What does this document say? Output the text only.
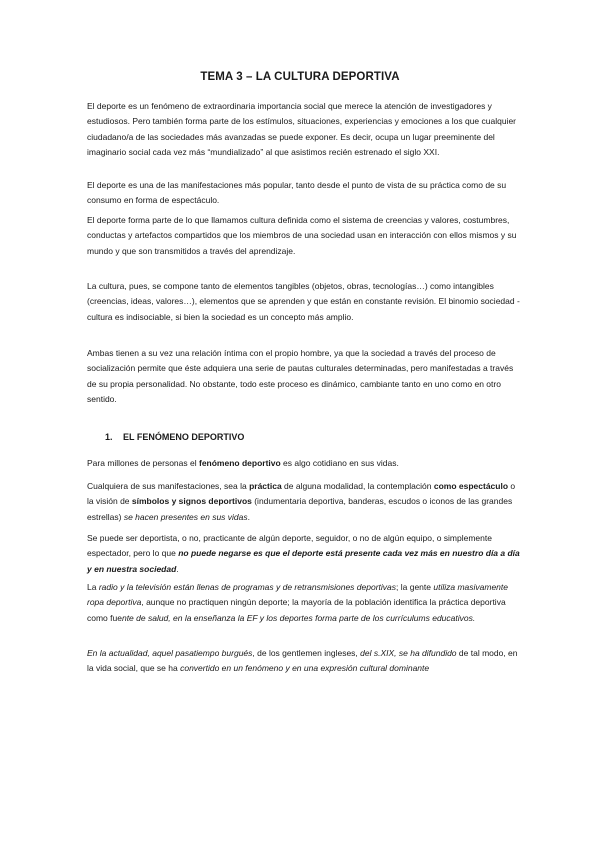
TEMA 3 – LA CULTURA DEPORTIVA

El deporte es un fenómeno de extraordinaria importancia social que merece la atención de investigadores y estudiosos. Pero también forma parte de los estímulos, situaciones, experiencias y emociones a los que cualquier ciudadano/a de las sociedades más avanzadas se puede exponer. Es decir, ocupa un lugar preeminente del imaginario social cada vez más “mundializado” al que asistimos recién estrenado el siglo XXI.

El deporte es una de las manifestaciones más popular, tanto desde el punto de vista de su práctica como de su consumo en forma de espectáculo.

El deporte forma parte de lo que llamamos cultura definida como el sistema de creencias y valores, costumbres, conductas y artefactos compartidos que los miembros de una sociedad usan en interacción con ellos mismos y su mundo y que son transmitidos a través del aprendizaje.

La cultura, pues, se compone tanto de elementos tangibles (objetos, obras, tecnologías…) como intangibles (creencias, ideas, valores…), elementos que se aprenden y que están en constante revisión. El binomio sociedad - cultura es indisociable, si bien la sociedad es un concepto más amplio.

Ambas tienen a su vez una relación íntima con el propio hombre, ya que la sociedad a través del proceso de socialización permite que éste adquiera una serie de pautas culturales determinadas, pero manifestadas a través de su propia personalidad. No obstante, todo este proceso es dinámico, cambiante tanto en uno como en otro sentido.

1. EL FENÓMENO DEPORTIVO

Para millones de personas el fenómeno deportivo es algo cotidiano en sus vidas.

Cualquiera de sus manifestaciones, sea la práctica de alguna modalidad, la contemplación como espectáculo o la visión de símbolos y signos deportivos (indumentaria deportiva, banderas, escudos o iconos de las grandes estrellas) se hacen presentes en sus vidas.

Se puede ser deportista, o no, practicante de algún deporte, seguidor, o no de algún equipo, o simplemente espectador, pero lo que no puede negarse es que el deporte está presente cada vez más en nuestro día a día y en nuestra sociedad.

La radio y la televisión están llenas de programas y de retransmisiones deportivas; la gente utiliza masivamente ropa deportiva, aunque no practiquen ningún deporte; la mayoría de la población identifica la práctica deportiva como fuente de salud, en la enseñanza la EF y los deportes forma parte de los currículums educativos.

En la actualidad, aquel pasatiempo burgués, de los gentlemen ingleses, del s.XIX, se ha difundido de tal modo, en la vida social, que se ha convertido en un fenómeno y en una expresión cultural dominante
